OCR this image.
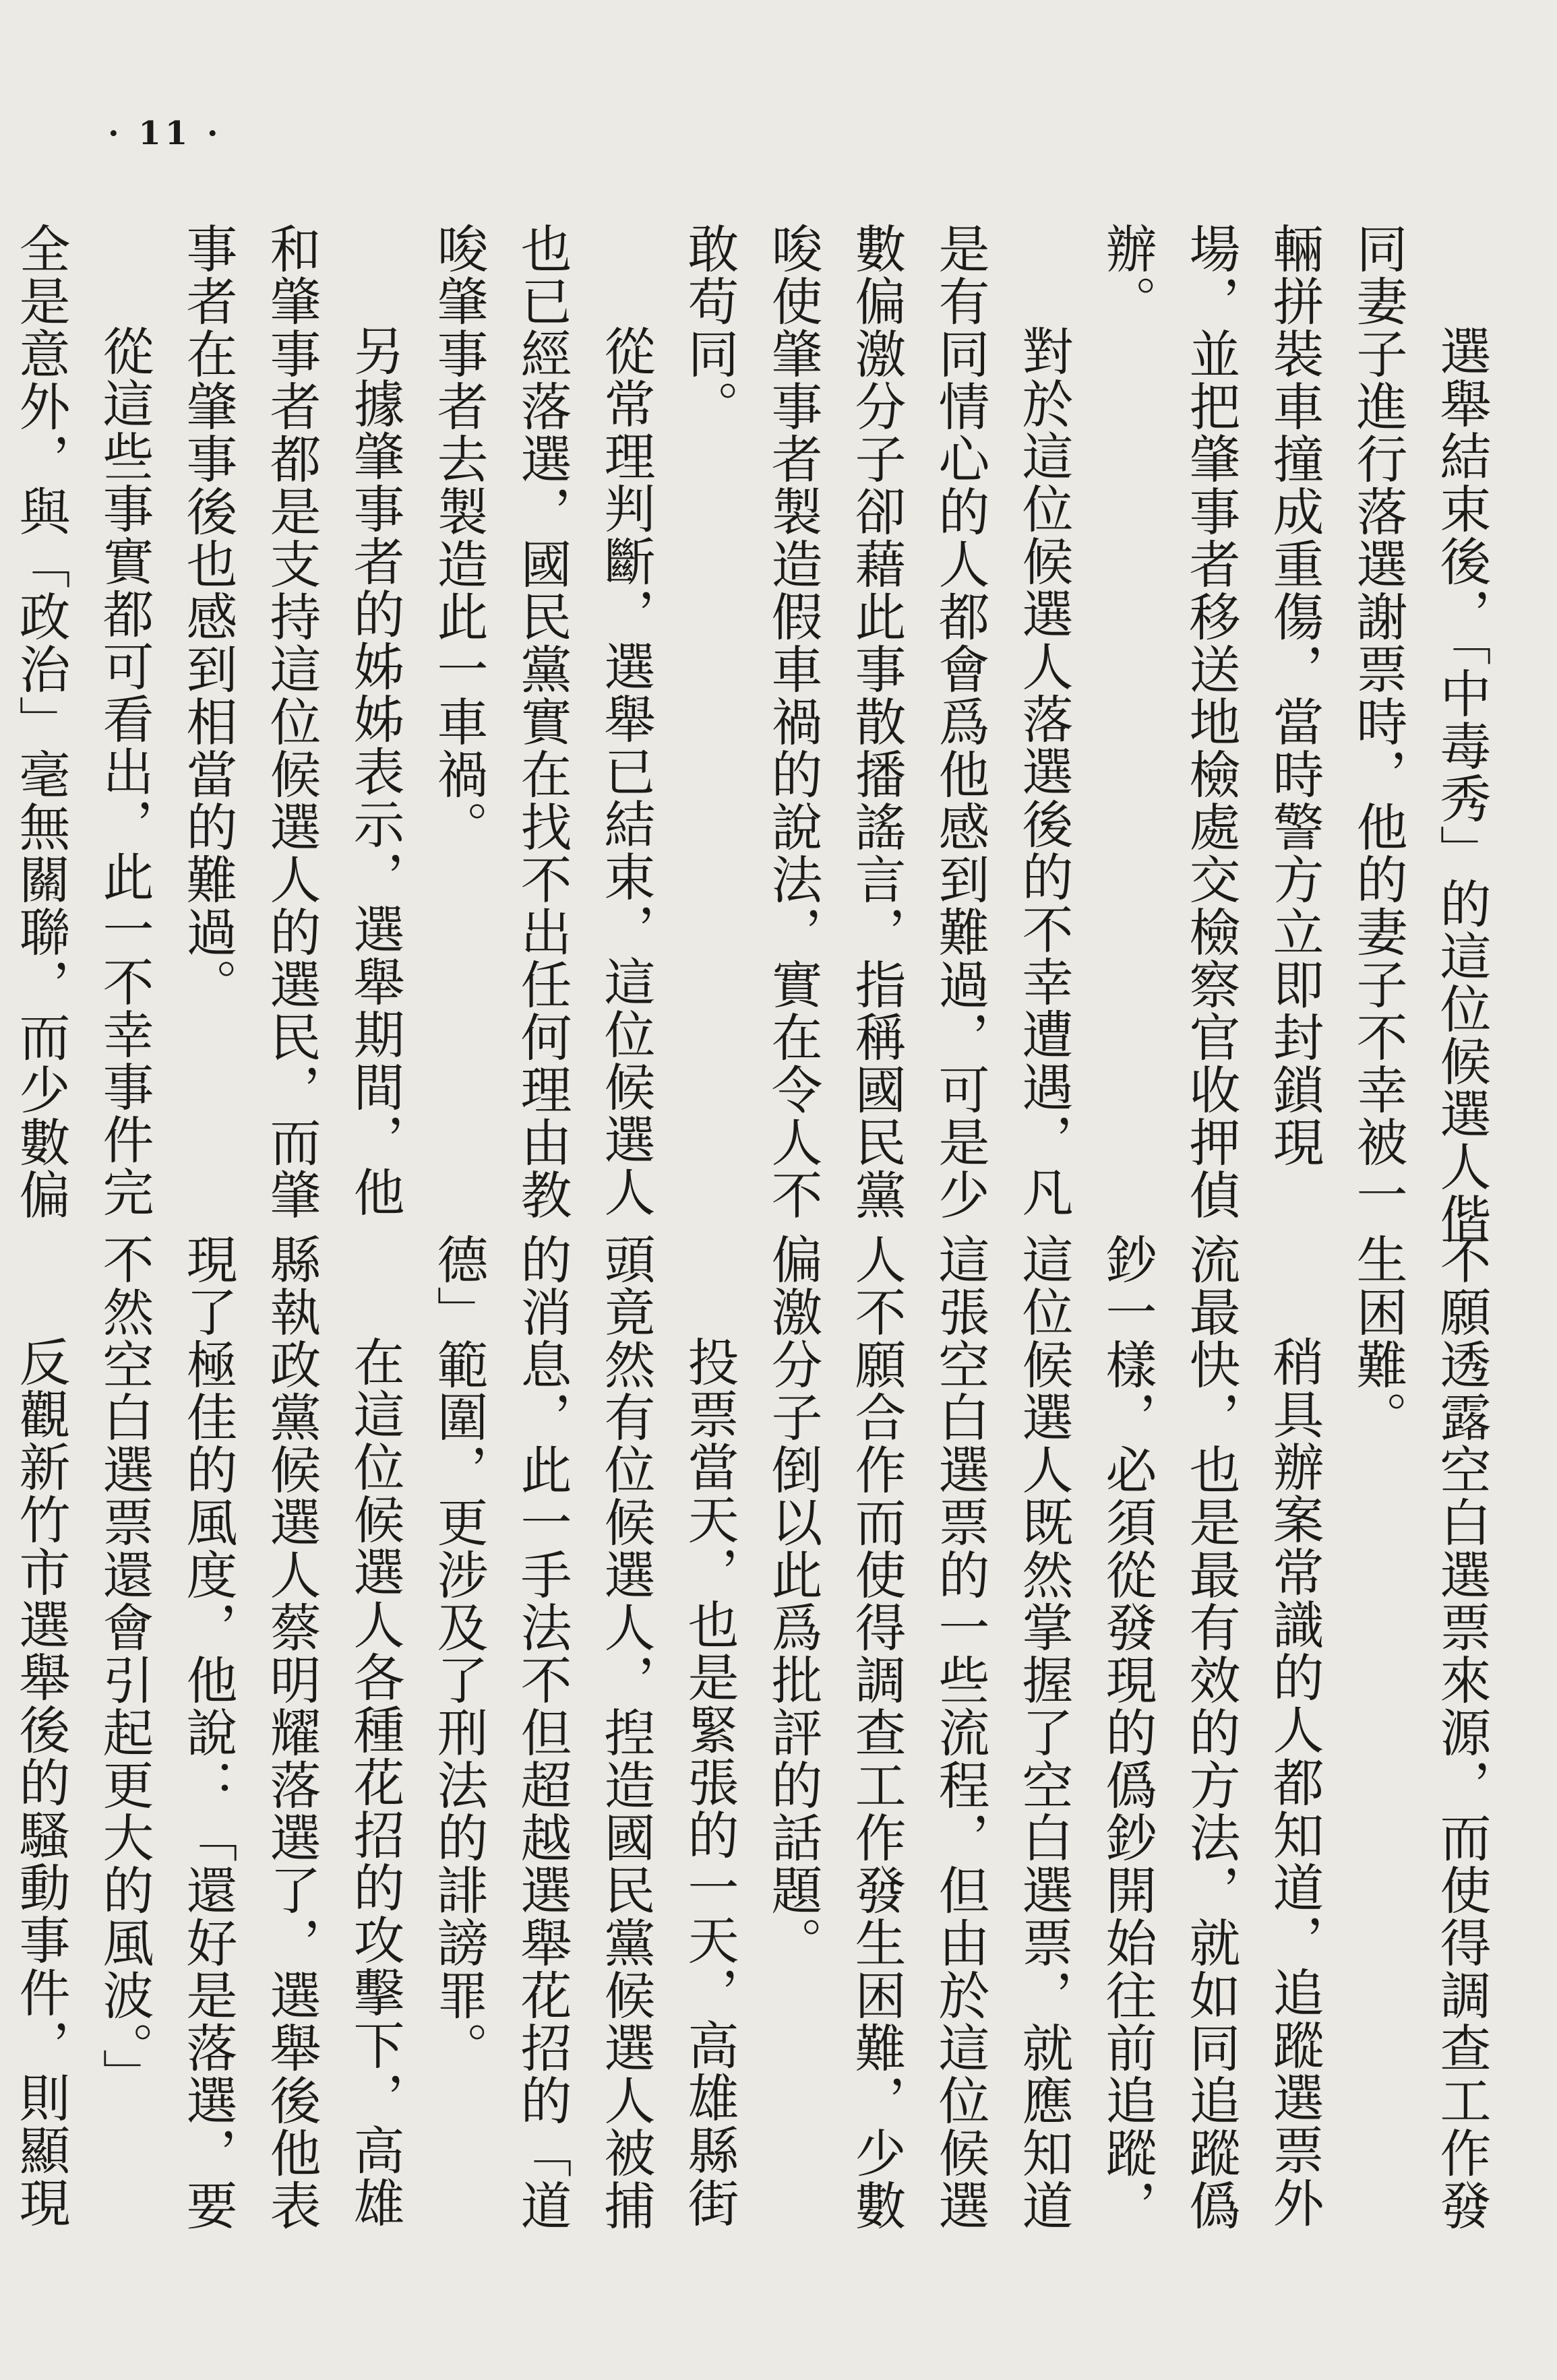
· 11 ·

選舉結束後，「中毒秀」的這位候選人偕同妻子進行落選謝票時，他的妻子不幸被一輛拼裝車撞成重傷，當時警方立即封鎖現場，並把肇事者移送地檢處交檢察官收押偵辦。

對於這位候選人落選後的不幸遭遇，凡是有同情心的人都會爲他感到難過，可是少數偏激分子卻藉此事散播謠言，指稱國民黨唆使肇事者製造假車禍的說法，實在令人不敢苟同。

從常理判斷，選舉已結束，這位候選人也已經落選，國民黨實在找不出任何理由教唆肇事者去製造此一車禍。

另據肇事者的姊姊表示，選舉期間，他和肇事者都是支持這位候選人的選民，而肇事者在肇事後也感到相當的難過。

從這些事實都可看出，此一不幸事件完全是意外，與「政治」毫無關聯，而少數偏

不願透露空白選票來源，而使得調查工作發生困難。

稍具辦案常識的人都知道，追蹤選票外流最快，也是最有效的方法，就如同追蹤僞鈔一樣，必須從發現的僞鈔開始往前追蹤，這位候選人既然掌握了空白選票，就應知道這張空白選票的一些流程，但由於這位候選人不願合作而使得調查工作發生困難，少數偏激分子倒以此爲批評的話題。

投票當天，也是緊張的一天，高雄縣街頭竟然有位候選人，揑造國民黨候選人被捕的消息，此一手法不但超越選舉花招的「道德」範圍，更涉及了刑法的誹謗罪。

在這位候選人各種花招的攻擊下，高雄縣執政黨候選人蔡明耀落選了，選舉後他表現了極佳的風度，他說：「還好是落選，要不然空白選票還會引起更大的風波。」

反觀新竹市選舉後的騷動事件，則顯現
